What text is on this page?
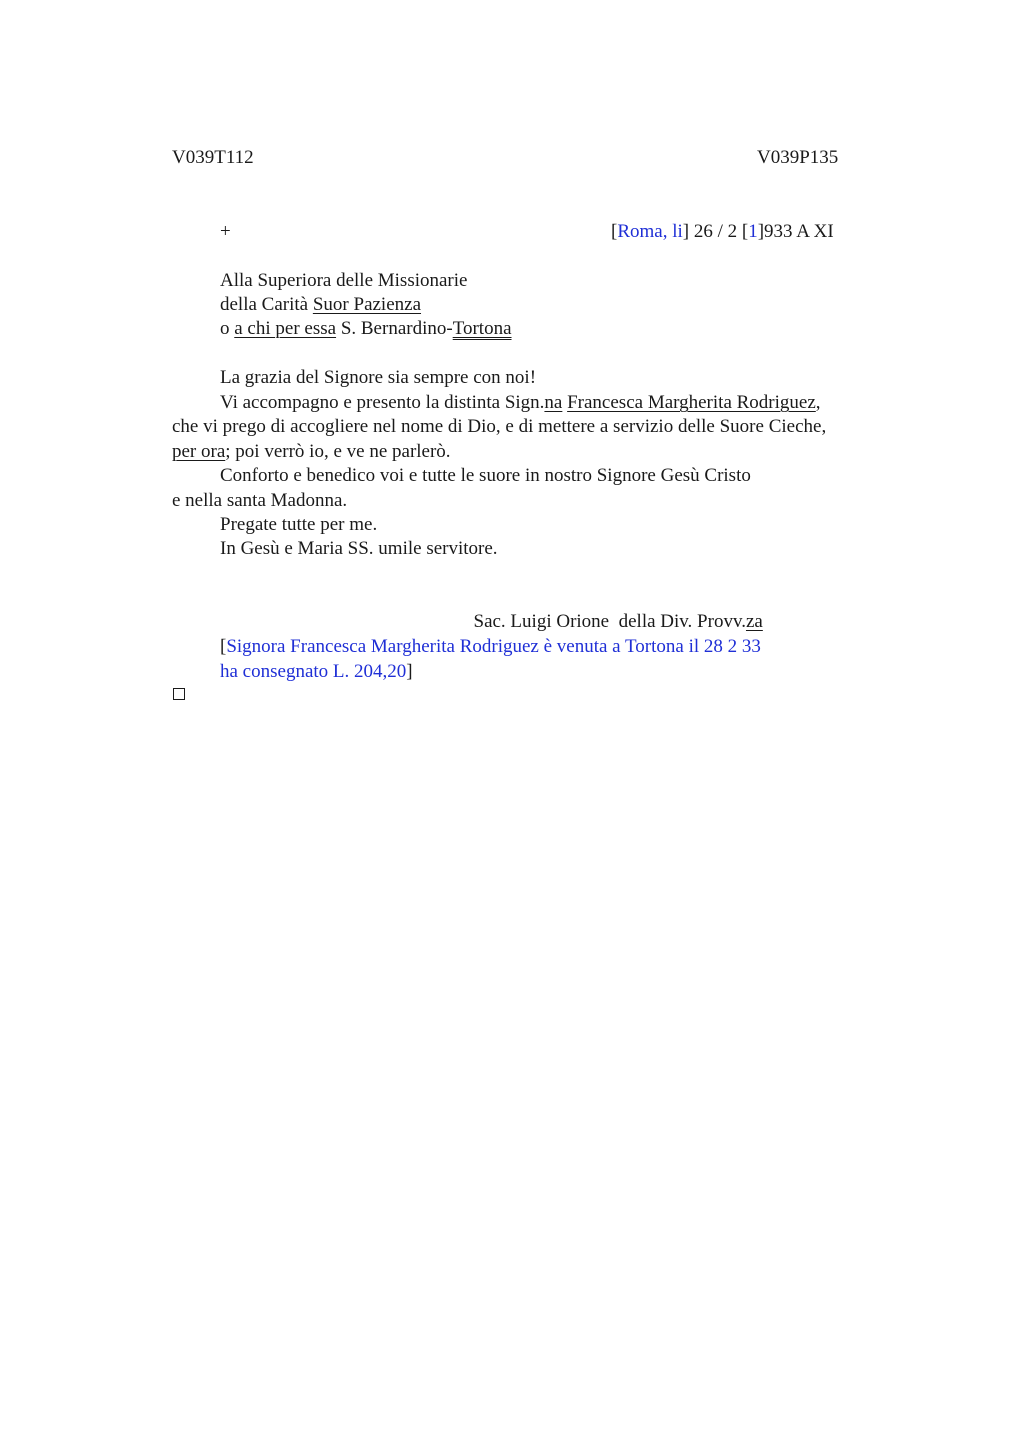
V039T112	V039P135
+	[Roma, li] 26 / 2 [1]933 A XI
Alla Superiora delle Missionarie
della Carità Suor Pazienza
o a chi per essa S. Bernardino-Tortona
La grazia del Signore sia sempre con noi!
Vi accompagno e presento la distinta Sign.na Francesca Margherita Rodriguez,
che vi prego di accogliere nel nome di Dio, e di mettere a servizio delle Suore Cieche,
per ora; poi verrò io, e ve ne parlerò.
Conforto e benedico voi e tutte le suore in nostro Signore Gesù Cristo
e nella santa Madonna.
Pregate tutte per me.
In Gesù e Maria SS. umile servitore.

Sac. Luigi Orione  della Div. Provv.za

[Signora Francesca Margherita Rodriguez è venuta a Tortona il 28 2 33
ha consegnato L. 204,20]
